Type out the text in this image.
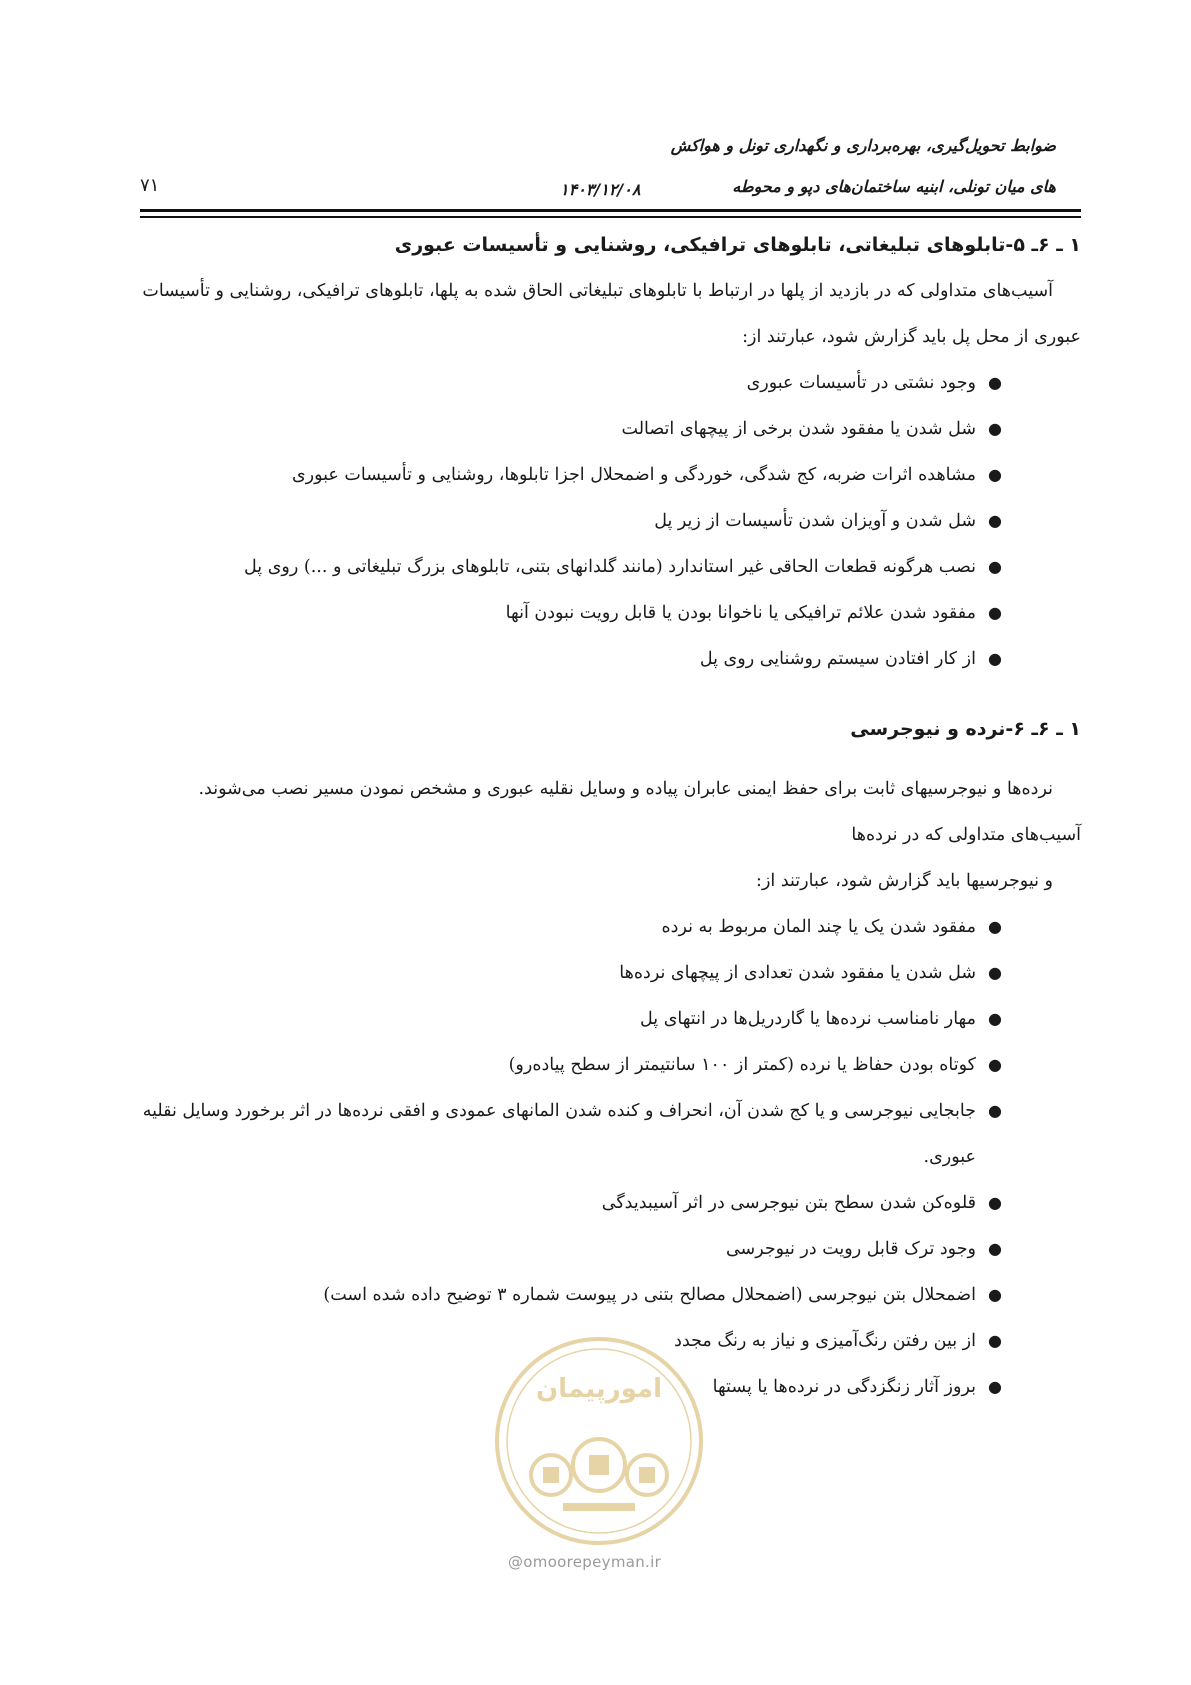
ضوابط تحویل‌گیری، بهره‌برداری و نگهداری تونل و هواکش
های میان تونلی، ابنیه ساختمان‌های دپو و محوطه
۱۴۰۳/۱۲/۰۸
۷۱
۱ ـ ۶ـ ۵-تابلوهای تبلیغاتی، تابلوهای ترافیکی، روشنایی و تأسیسات عبوری

آسیب‌های متداولی که در بازدید از پلها در ارتباط با تابلوهای تبلیغاتی الحاق شده به پلها، تابلوهای ترافیکی، روشنایی و تأسیسات عبوری از محل پل باید گزارش شود، عبارتند از:

●
وجود نشتی در تأسیسات عبوری
●
شل شدن یا مفقود شدن برخی از پیچهای اتصالت
●
مشاهده اثرات ضربه، کج شدگی، خوردگی و اضمحلال اجزا تابلوها، روشنایی و تأسیسات عبوری
●
شل شدن و آویزان شدن تأسیسات از زیر پل
●
نصب هرگونه قطعات الحاقی غیر استاندارد (مانند گلدانهای بتنی، تابلوهای بزرگ تبلیغاتی و ...) روی پل
●
مفقود شدن علائم ترافیکی یا ناخوانا بودن یا قابل رویت نبودن آنها
●
از کار افتادن سیستم روشنایی روی پل
۱ ـ ۶ـ ۶-نرده و نیوجرسی

نرده‌ها و نیوجرسیهای ثابت برای حفظ ایمنی عابران پیاده و وسایل نقلیه عبوری و مشخص نمودن مسیر نصب می‌شوند. آسیب‌های متداولی که در نرده‌ها

و نیوجرسیها باید گزارش شود، عبارتند از:

●
مفقود شدن یک یا چند المان مربوط به نرده
●
شل شدن یا مفقود شدن تعدادی از پیچهای نرده‌ها
●
مهار نامناسب نرده‌ها یا گاردریل‌ها در انتهای پل
●
کوتاه بودن حفاظ یا نرده (کمتر از ۱۰۰ سانتیمتر از سطح پیاده‌رو)
●
جابجایی نیوجرسی و یا کج شدن آن، انحراف و کنده شدن المانهای عمودی و افقی نرده‌ها در اثر برخورد وسایل نقلیه عبوری.
●
قلوه‌کن شدن سطح بتن نیوجرسی در اثر آسیبدیدگی
●
وجود ترک قابل رویت در نیوجرسی
●
اضمحلال بتن نیوجرسی (اضمحلال مصالح بتنی در پیوست شماره ۳ توضیح داده شده است)
●
از بین رفتن رنگ‌آمیزی و نیاز به رنگ مجدد
●
بروز آثار زنگزدگی در نرده‌ها یا پستها
امورپیمان
@omoorepeyman.ir
